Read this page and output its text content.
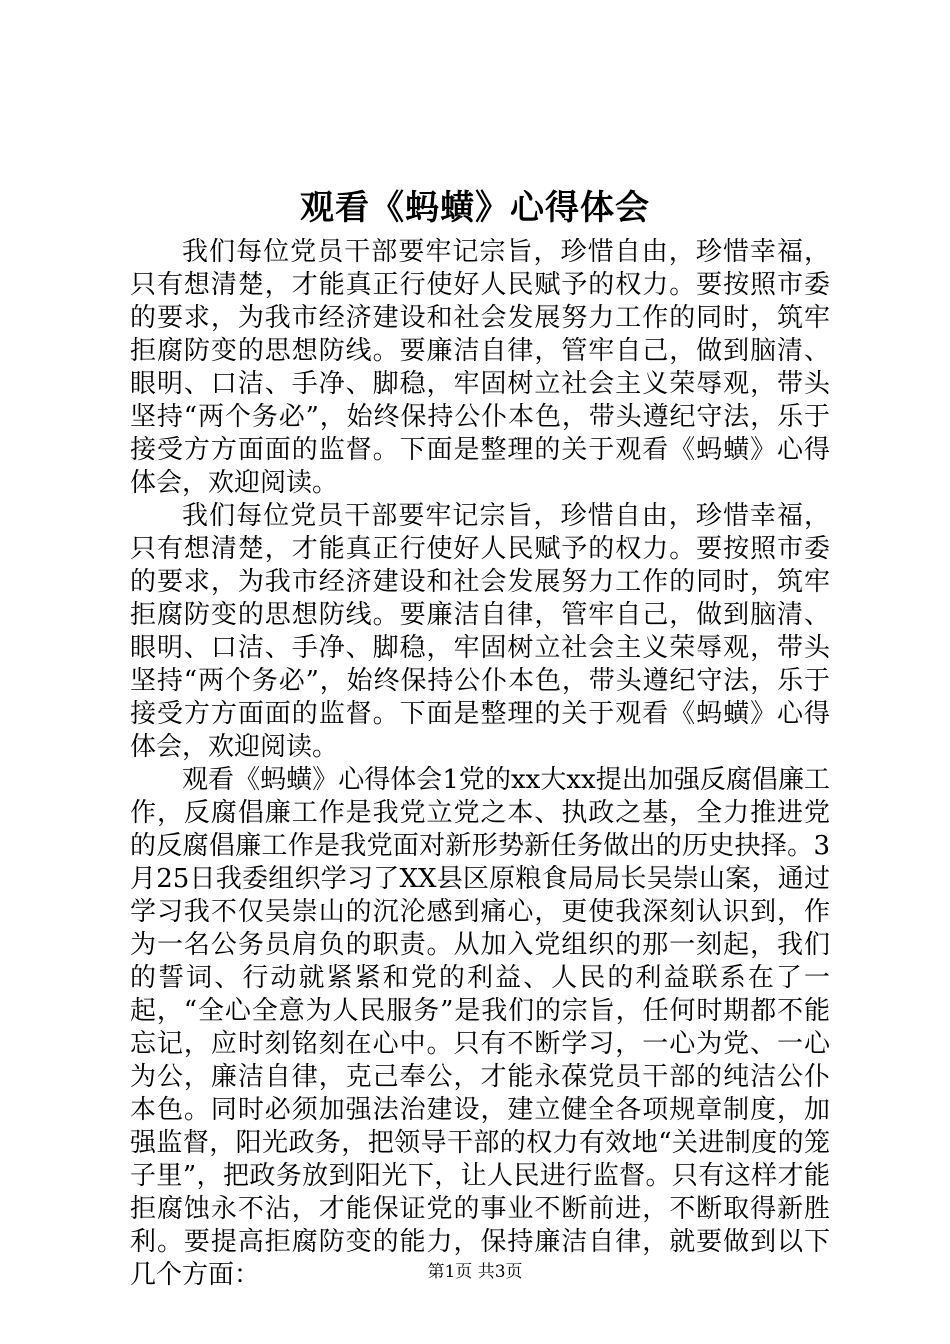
观看《蚂蟥》心得体会

我们每位党员干部要牢记宗旨，珍惜自由，珍惜幸福，只有想清楚，才能真正行使好人民赋予的权力。要按照市委的要求，为我市经济建设和社会发展努力工作的同时，筑牢拒腐防变的思想防线。要廉洁自律，管牢自己，做到脑清、眼明、口洁、手净、脚稳，牢固树立社会主义荣辱观，带头坚持“两个务必”，始终保持公仆本色，带头遵纪守法，乐于接受方方面面的监督。下面是整理的关于观看《蚂蟥》心得体会，欢迎阅读。

我们每位党员干部要牢记宗旨，珍惜自由，珍惜幸福，只有想清楚，才能真正行使好人民赋予的权力。要按照市委的要求，为我市经济建设和社会发展努力工作的同时，筑牢拒腐防变的思想防线。要廉洁自律，管牢自己，做到脑清、眼明、口洁、手净、脚稳，牢固树立社会主义荣辱观，带头坚持“两个务必”，始终保持公仆本色，带头遵纪守法，乐于接受方方面面的监督。下面是整理的关于观看《蚂蟥》心得体会，欢迎阅读。

观看《蚂蟥》心得体会1党的xx大xx提出加强反腐倡廉工作，反腐倡廉工作是我党立党之本、执政之基，全力推进党的反腐倡廉工作是我党面对新形势新任务做出的历史抉择。3月25日我委组织学习了XX县区原粮食局局长吴崇山案，通过学习我不仅吴崇山的沉沦感到痛心，更使我深刻认识到，作为一名公务员肩负的职责。从加入党组织的那一刻起，我们的誓词、行动就紧紧和党的利益、人民的利益联系在了一起，“全心全意为人民服务”是我们的宗旨，任何时期都不能忘记，应时刻铭刻在心中。只有不断学习，一心为党、一心为公，廉洁自律，克己奉公，才能永葆党员干部的纯洁公仆本色。同时必须加强法治建设，建立健全各项规章制度，加强监督，阳光政务，把领导干部的权力有效地“关进制度的笼子里”，把政务放到阳光下，让人民进行监督。只有这样才能拒腐蚀永不沾，才能保证党的事业不断前进，不断取得新胜利。要提高拒腐防变的能力，保持廉洁自律，就要做到以下几个方面：	第1页 共3页
